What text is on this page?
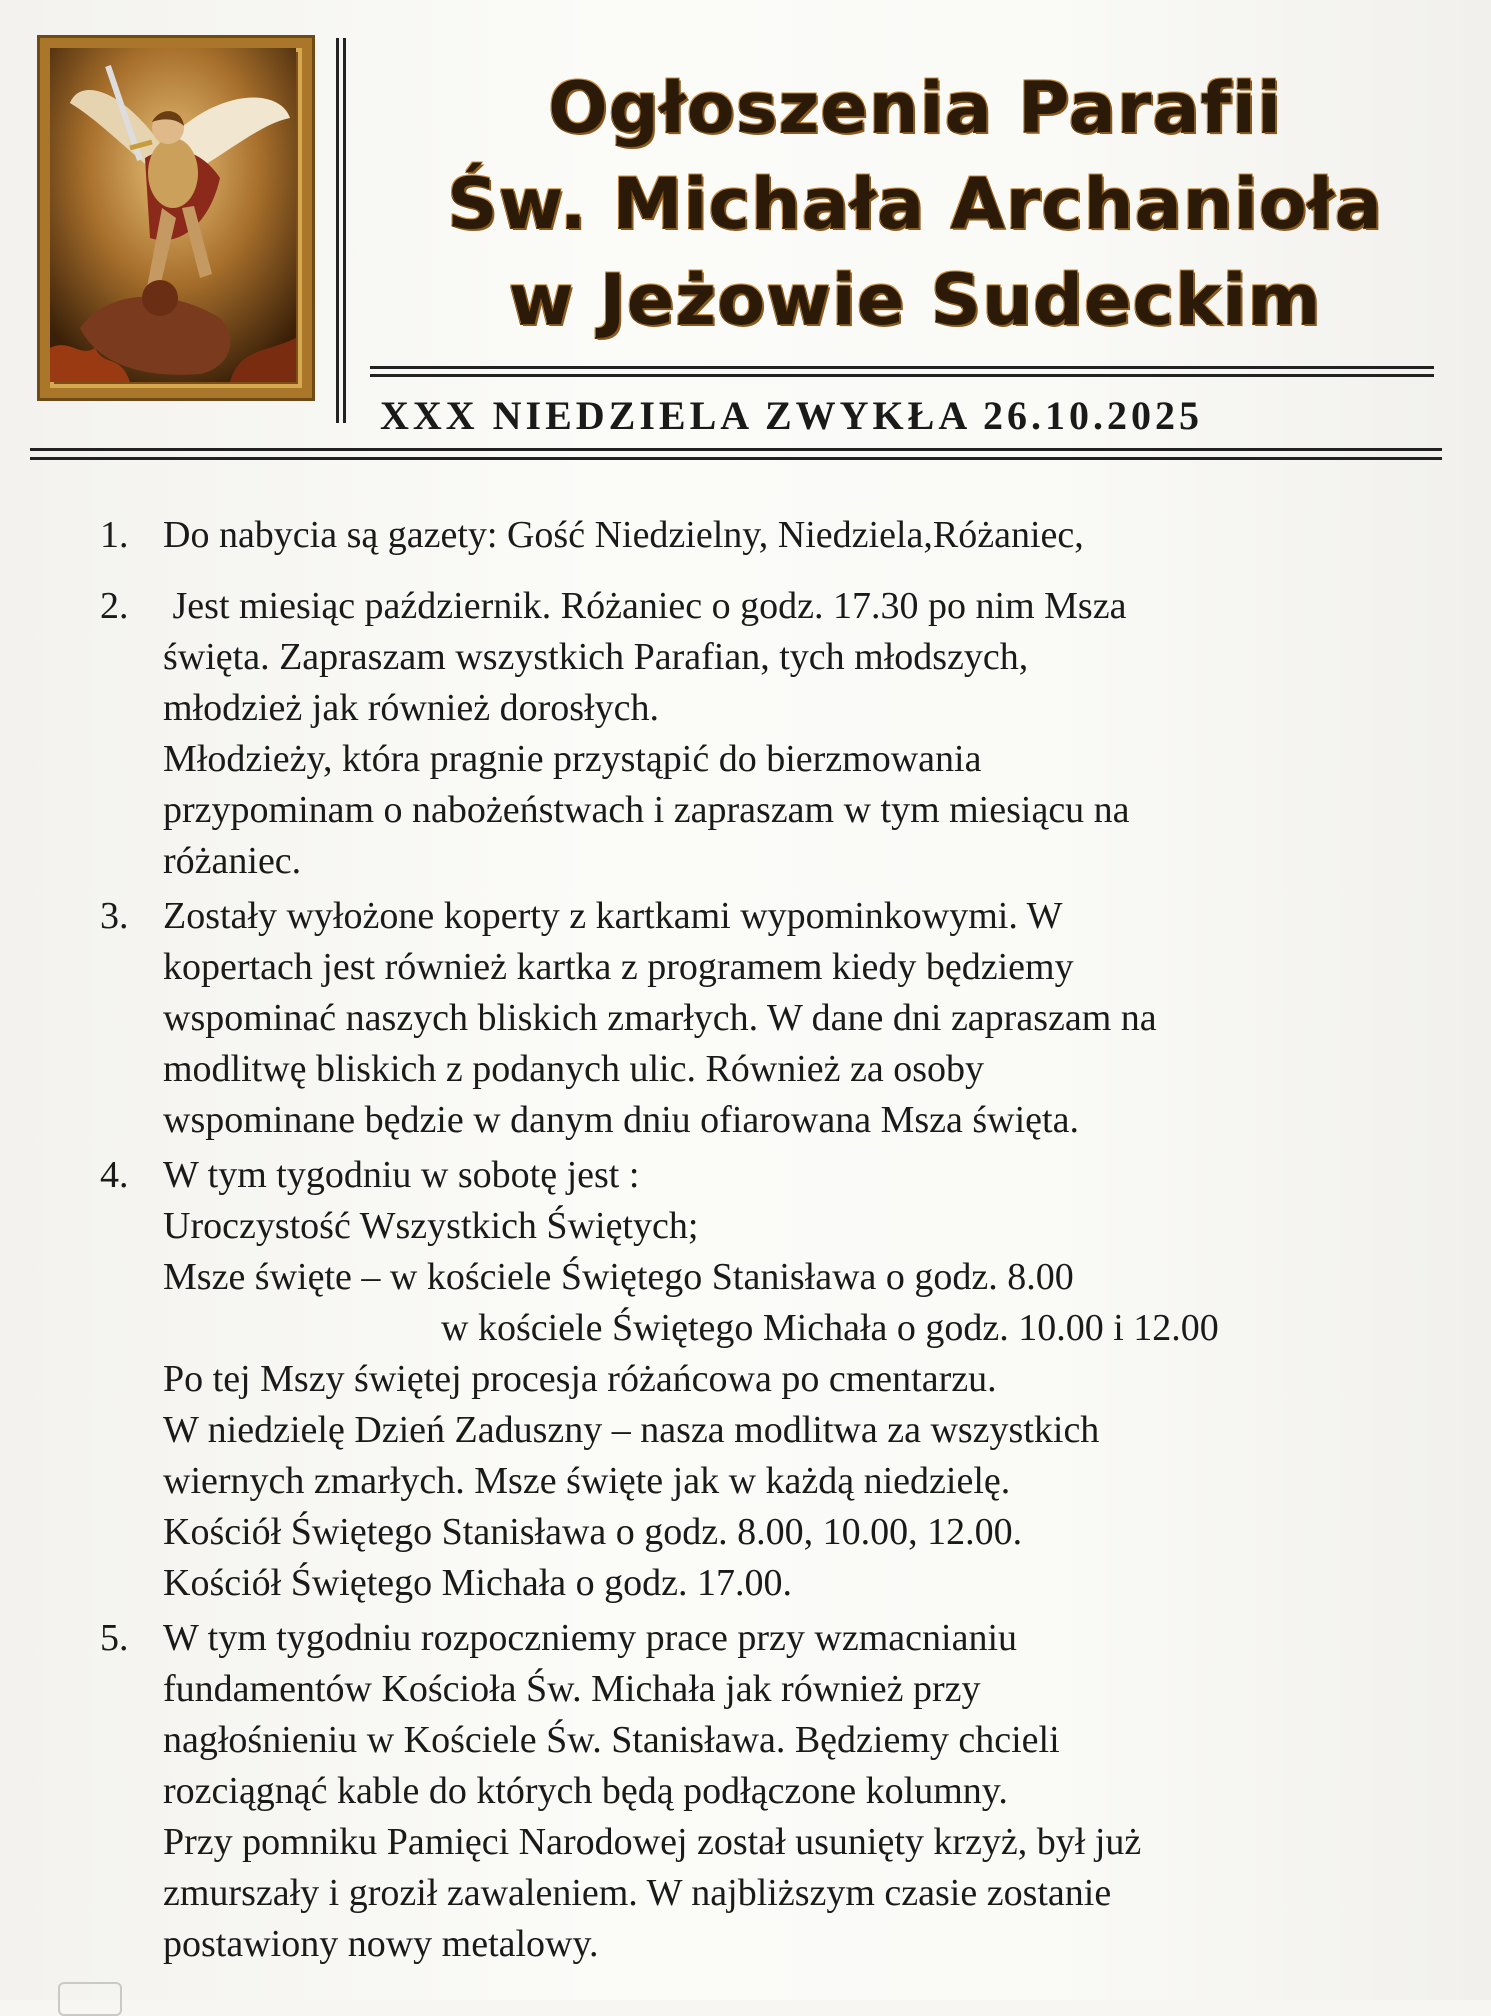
Ogłoszenia Parafii
Św. Michała Archanioła
w Jeżowie Sudeckim
XXX NIEDZIELA ZWYKŁA 26.10.2025
1. Do nabycia są gazety: Gość Niedzielny, Niedziela,Różaniec,
2. Jest miesiąc październik. Różaniec o godz. 17.30 po nim Msza
święta. Zapraszam wszystkich Parafian, tych młodszych,
młodzież jak również dorosłych.
Młodzieży, która pragnie przystąpić do bierzmowania
przypominam o nabożeństwach i zapraszam w tym miesiącu na
różaniec.
3. Zostały wyłożone koperty z kartkami wypominkowymi. W
kopertach jest również kartka z programem kiedy będziemy
wspominać naszych bliskich zmarłych. W dane dni zapraszam na
modlitwę bliskich z podanych ulic. Również za osoby
wspominane będzie w danym dniu ofiarowana Msza święta.
4. W tym tygodniu w sobotę jest :
Uroczystość Wszystkich Świętych;
Msze święte – w kościele Świętego Stanisława o godz. 8.00
w kościele Świętego Michała o godz. 10.00 i 12.00
Po tej Mszy świętej procesja różańcowa po cmentarzu.
W niedzielę Dzień Zaduszny – nasza modlitwa za wszystkich
wiernych zmarłych. Msze święte jak w każdą niedzielę.
Kościół Świętego Stanisława o godz. 8.00, 10.00, 12.00.
Kościół Świętego Michała o godz. 17.00.
5. W tym tygodniu rozpoczniemy prace przy wzmacnianiu
fundamentów Kościoła Św. Michała jak również przy
nagłośnieniu w Kościele Św. Stanisława. Będziemy chcieli
rozciągnąć kable do których będą podłączone kolumny.
Przy pomniku Pamięci Narodowej został usunięty krzyż, był już
zmurszały i groził zawaleniem. W najbliższym czasie zostanie
postawiony nowy metalowy.
